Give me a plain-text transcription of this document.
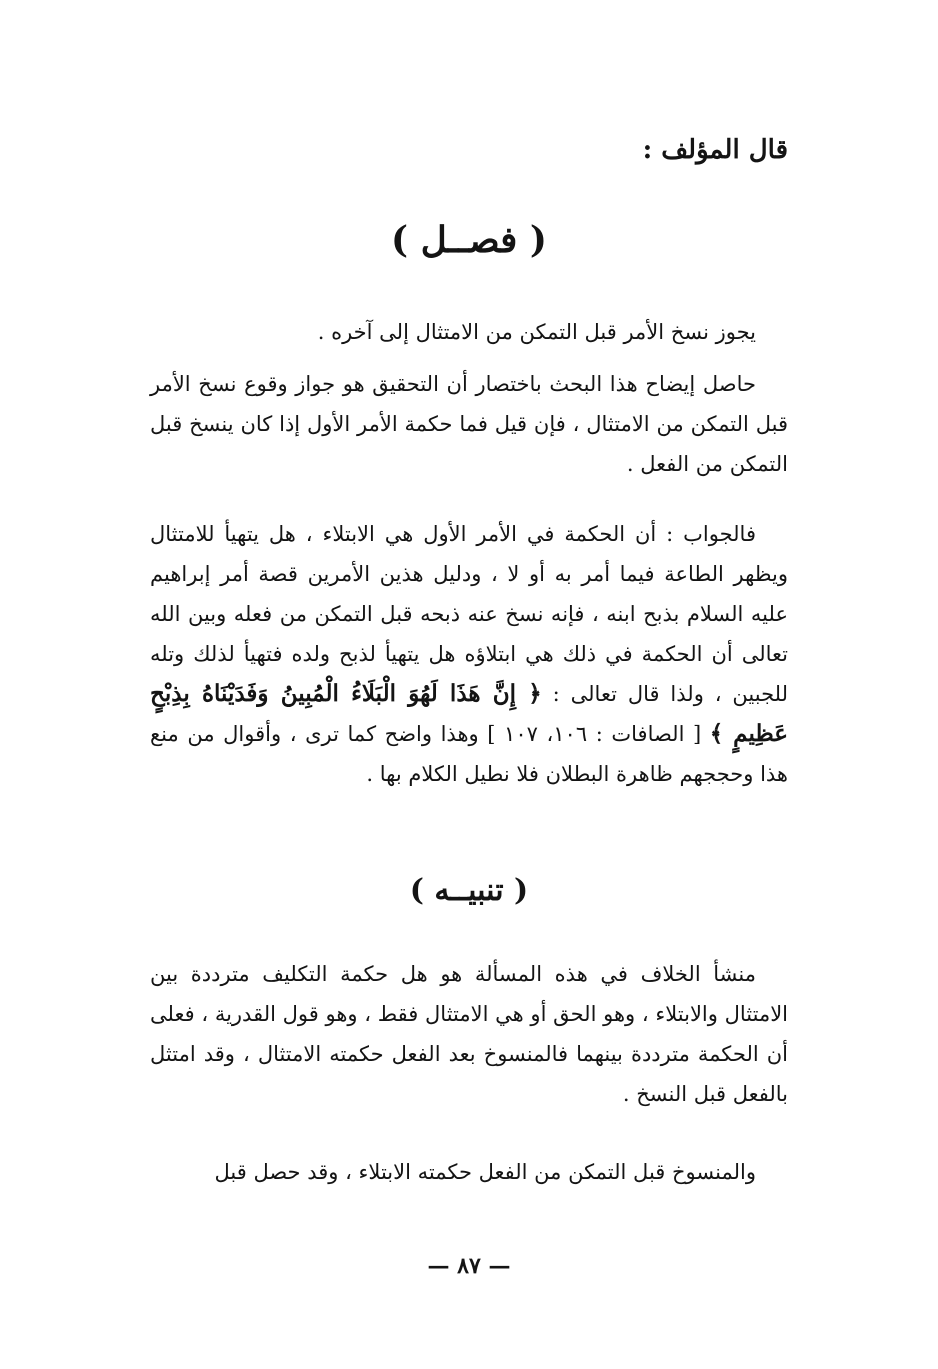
قال المؤلف :
( فصــل )

يجوز نسخ الأمر قبل التمكن من الامتثال إلى آخره .

حاصل إيضاح هذا البحث باختصار أن التحقيق هو جواز وقوع نسخ الأمر قبل التمكن من الامتثال ، فإن قيل فما حكمة الأمر الأول إذا كان ينسخ قبل التمكن من الفعل .

فالجواب : أن الحكمة في الأمر الأول هي الابتلاء ، هل يتهيأ للامتثال ويظهر الطاعة فيما أمر به أو لا ، ودليل هذين الأمرين قصة أمر إبراهيم عليه السلام بذبح ابنه ، فإنه نسخ عنه ذبحه قبل التمكن من فعله وبين الله تعالى أن الحكمة في ذلك هي ابتلاؤه هل يتهيأ لذبح ولده فتهيأ لذلك وتله للجبين ، ولذا قال تعالى : ﴿ إِنَّ هَذَا لَهُوَ الْبَلَاءُ الْمُبِينُ وَفَدَيْنَاهُ بِذِبْحٍ عَظِيمٍ ﴾ [ الصافات : ١٠٦، ١٠٧ ] وهذا واضح كما ترى ، وأقوال من منع هذا وحججهم ظاهرة البطلان فلا نطيل الكلام بها .

( تنبيــه )

منشأ الخلاف في هذه المسألة هو هل حكمة التكليف مترددة بين الامتثال والابتلاء ، وهو الحق أو هي الامتثال فقط ، وهو قول القدرية ، فعلى أن الحكمة مترددة بينهما فالمنسوخ بعد الفعل حكمته الامتثال ، وقد امتثل بالفعل قبل النسخ .

والمنسوخ قبل التمكن من الفعل حكمته الابتلاء ، وقد حصل قبل

— ٨٧ —
